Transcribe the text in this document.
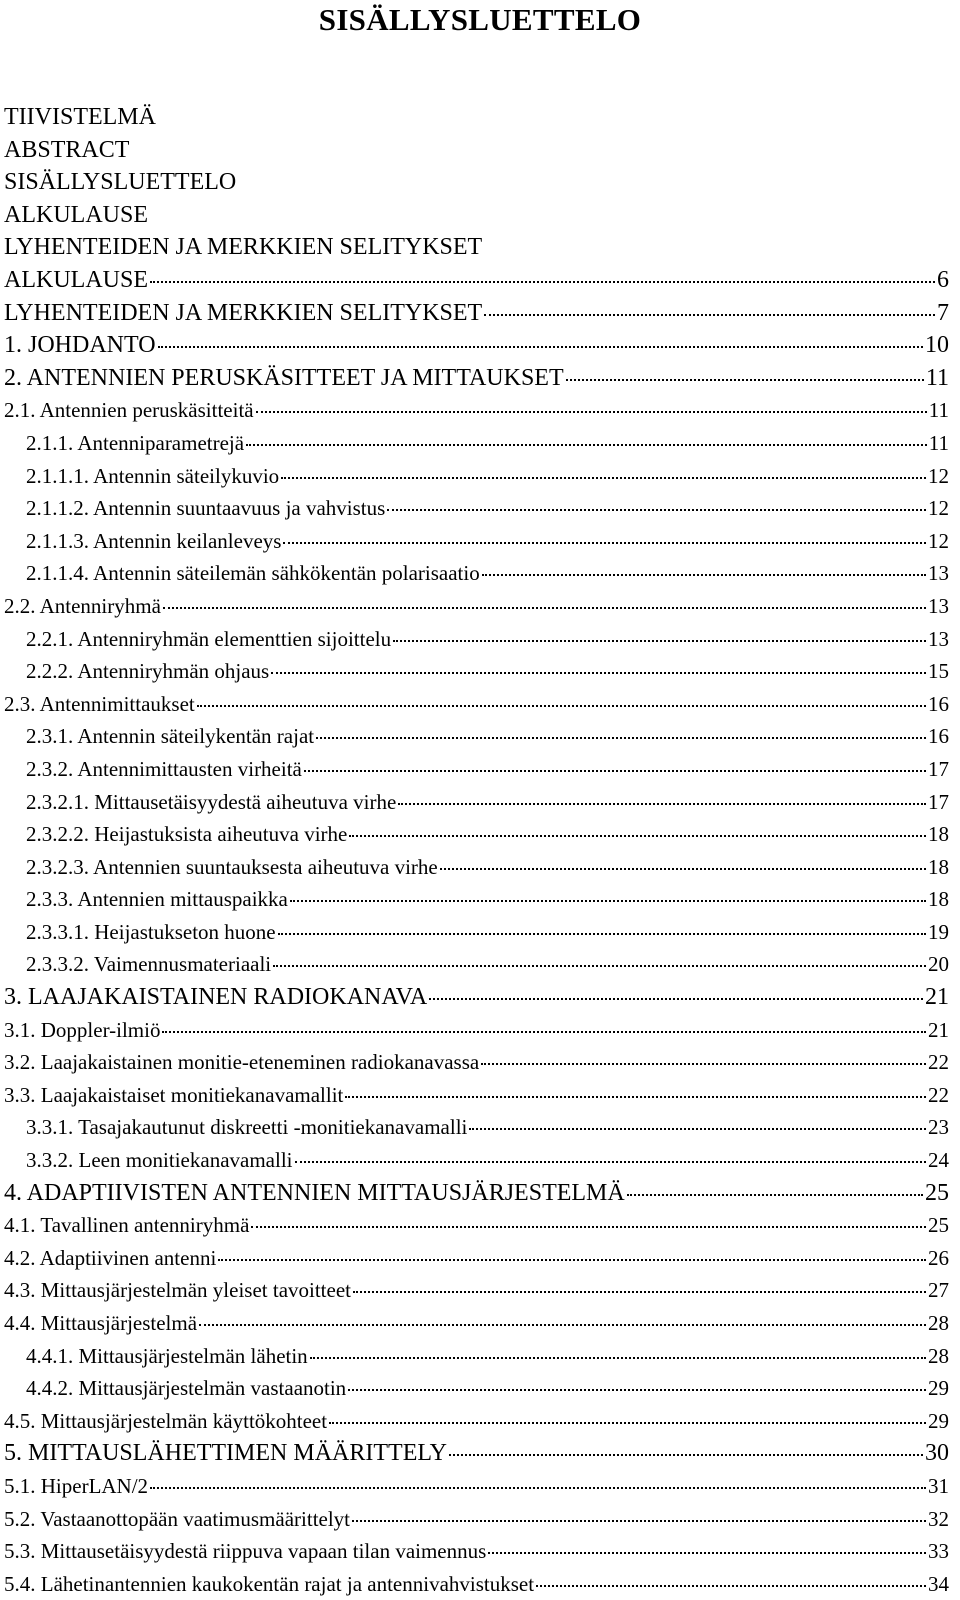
SISÄLLYSLUETTELO
TIIVISTELMÄ
ABSTRACT
SISÄLLYSLUETTELO
ALKULAUSE
LYHENTEIDEN JA MERKKIEN SELITYKSET
ALKULAUSE	6
LYHENTEIDEN JA MERKKIEN SELITYKSET	7
1. JOHDANTO	10
2. ANTENNIEN PERUSKÄSITTEET JA MITTAUKSET	11
2.1. Antennien peruskäsitteitä	11
2.1.1. Antenniparametrejä	11
2.1.1.1. Antennin säteilykuvio	12
2.1.1.2. Antennin suuntaavuus ja vahvistus	12
2.1.1.3. Antennin keilanleveys	12
2.1.1.4. Antennin säteilemän sähkökentän polarisaatio	13
2.2. Antenniryhmä	13
2.2.1. Antenniryhmän elementtien sijoittelu	13
2.2.2. Antenniryhmän ohjaus	15
2.3. Antennimittaukset	16
2.3.1. Antennin säteilykentän rajat	16
2.3.2. Antennimittausten virheitä	17
2.3.2.1. Mittausetäisyydestä aiheutuva virhe	17
2.3.2.2. Heijastuksista aiheutuva virhe	18
2.3.2.3. Antennien suuntauksesta aiheutuva virhe	18
2.3.3. Antennien mittauspaikka	18
2.3.3.1. Heijastukseton huone	19
2.3.3.2. Vaimennusmateriaali	20
3. LAAJAKAISTAINEN RADIOKANAVA	21
3.1. Doppler-ilmiö	21
3.2. Laajakaistainen monitie-eteneminen radiokanavassa	22
3.3. Laajakaistaiset monitiekanavamallit	22
3.3.1. Tasajakautunut diskreetti -monitiekanavamalli	23
3.3.2. Leen monitiekanavamalli	24
4. ADAPTIIVISTEN ANTENNIEN MITTAUSJÄRJESTELMÄ	25
4.1. Tavallinen antenniryhmä	25
4.2. Adaptiivinen antenni	26
4.3. Mittausjärjestelmän yleiset tavoitteet	27
4.4. Mittausjärjestelmä	28
4.4.1. Mittausjärjestelmän lähetin	28
4.4.2. Mittausjärjestelmän vastaanotin	29
4.5. Mittausjärjestelmän käyttökohteet	29
5. MITTAUSLÄHETTIMEN MÄÄRITTELY	30
5.1. HiperLAN/2	31
5.2. Vastaanottopään vaatimusmäärittelyt	32
5.3. Mittausetäisyydestä riippuva vapaan tilan vaimennus	33
5.4. Lähetinantennien kaukokentän rajat ja antennivahvistukset	34
